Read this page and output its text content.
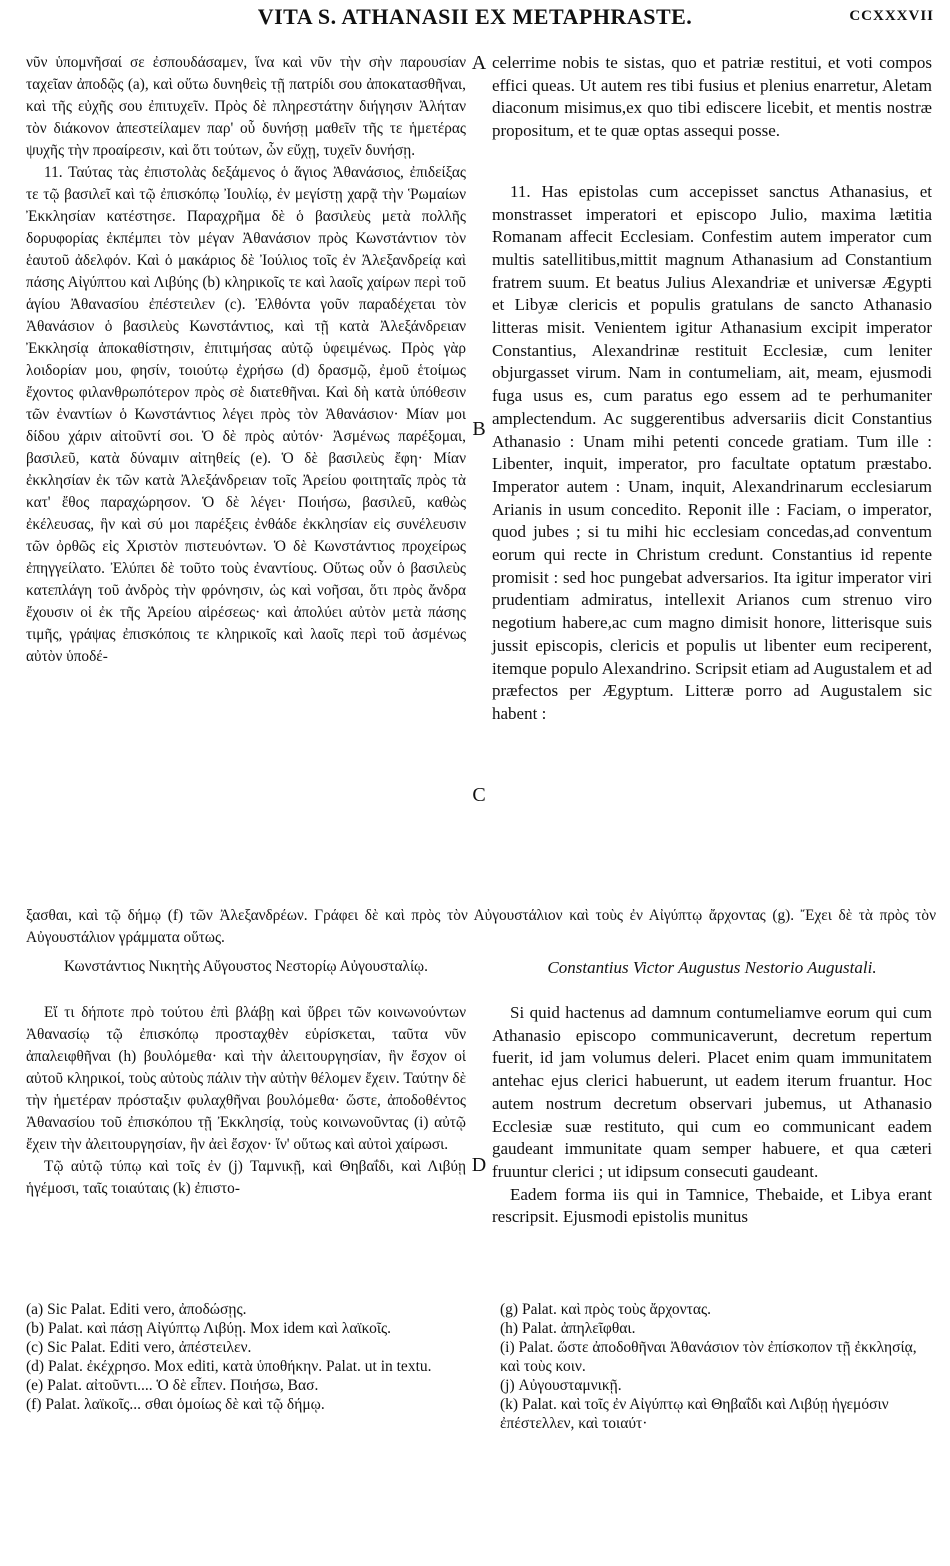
VITA S. ATHANASII EX METAPHRASTE.	CCXXXVII
A
B
C
D

νῦν ὑπομνῆσαί σε ἐσπουδάσαμεν, ἵνα καὶ νῦν τὴν σὴν παρουσίαν ταχεῖαν ἀποδῷς (a), καὶ οὕτω δυνηθεὶς τῇ πατρίδι σου ἀποκατασθῆναι, καὶ τῆς εὐχῆς σου ἐπιτυχεῖν. Πρὸς δὲ πληρεστάτην διήγησιν Ἀλήταν τὸν διάκονον ἀπεστείλαμεν παρ' οὗ δυνήσῃ μαθεῖν τῆς τε ἡμετέρας ψυχῆς τὴν προαίρεσιν, καὶ ὅτι τούτων, ὧν εὔχῃ, τυχεῖν δυνήσῃ.

11. Ταύτας τὰς ἐπιστολὰς δεξάμενος ὁ ἅγιος Ἀθανάσιος, ἐπιδείξας τε τῷ βασιλεῖ καὶ τῷ ἐπισκόπῳ Ἰουλίῳ, ἐν μεγίστῃ χαρᾷ τὴν Ῥωμαίων Ἐκκλησίαν κατέστησε. Παραχρῆμα δὲ ὁ βασιλεὺς μετὰ πολλῆς δορυφορίας ἐκπέμπει τὸν μέγαν Ἀθανάσιον πρὸς Κωνστάντιον τὸν ἑαυτοῦ ἀδελφόν. Καὶ ὁ μακάριος δὲ Ἰούλιος τοῖς ἐν Ἀλεξανδρείᾳ καὶ πάσης Αἰγύπτου καὶ Λιβύης (b) κληρικοῖς τε καὶ λαοῖς χαίρων περὶ τοῦ ἁγίου Ἀθανασίου ἐπέστειλεν (c). Ἐλθόντα γοῦν παραδέχεται τὸν Ἀθανάσιον ὁ βασιλεὺς Κωνστάντιος, καὶ τῇ κατὰ Ἀλεξάνδρειαν Ἐκκλησίᾳ ἀποκαθίστησιν, ἐπιτιμήσας αὐτῷ ὑφειμένως. Πρὸς γὰρ λοιδορίαν μου, φησίν, τοιούτῳ ἐχρήσω (d) δρασμῷ, ἐμοῦ ἑτοίμως ἔχοντος φιλανθρωπότερον πρὸς σὲ διατεθῆναι. Καὶ δὴ κατὰ ὑπόθεσιν τῶν ἐναντίων ὁ Κωνστάντιος λέγει πρὸς τὸν Ἀθανάσιον· Μίαν μοι δίδου χάριν αἰτοῦντί σοι. Ὁ δὲ πρὸς αὐτόν· Ἀσμένως παρέξομαι, βασιλεῦ, κατὰ δύναμιν αἰτηθείς (e). Ὁ δὲ βασιλεὺς ἔφη· Μίαν ἐκκλησίαν ἐκ τῶν κατὰ Ἀλεξάνδρειαν τοῖς Ἀρείου φοιτηταῖς πρὸς τὰ κατ' ἔθος παραχώρησον. Ὁ δὲ λέγει· Ποιήσω, βασιλεῦ, καθὼς ἐκέλευσας, ἣν καὶ σύ μοι παρέξεις ἐνθάδε ἐκκλησίαν εἰς συνέλευσιν τῶν ὀρθῶς εἰς Χριστὸν πιστευόντων. Ὁ δὲ Κωνστάντιος προχείρως ἐπηγγείλατο. Ἐλύπει δὲ τοῦτο τοὺς ἐναντίους. Οὕτως οὖν ὁ βασιλεὺς κατεπλάγη τοῦ ἀνδρὸς τὴν φρόνησιν, ὡς καὶ νοῆσαι, ὅτι πρὸς ἄνδρα ἔχουσιν οἱ ἐκ τῆς Ἀρείου αἱρέσεως· καὶ ἀπολύει αὐτὸν μετὰ πάσης τιμῆς, γράψας ἐπισκόποις τε κληρικοῖς καὶ λαοῖς περὶ τοῦ ἀσμένως αὐτὸν ὑποδέ-

celerrime nobis te sistas, quo et patriæ restitui, et voti compos effici queas. Ut autem res tibi fusius et plenius enarretur, Aletam diaconum misimus,ex quo tibi ediscere licebit, et mentis nostræ propositum, et te quæ optas assequi posse.

11. Has epistolas cum accepisset sanctus Athanasius, et monstrasset imperatori et episcopo Julio, maxima lætitia Romanam affecit Ecclesiam. Confestim autem imperator cum multis satellitibus,mittit magnum Athanasium ad Constantium fratrem suum. Et beatus Julius Alexandriæ et universæ Ægypti et Libyæ clericis et populis gratulans de sancto Athanasio litteras misit. Venientem igitur Athanasium excipit imperator Constantius, Alexandrinæ restituit Ecclesiæ, cum leniter objurgasset virum. Nam in contumeliam, ait, meam, ejusmodi fuga usus es, cum paratus ego essem ad te perhumaniter amplectendum. Ac suggerentibus adversariis dicit Constantius Athanasio : Unam mihi petenti concede gratiam. Tum ille : Libenter, inquit, imperator, pro facultate optatum præstabo. Imperator autem : Unam, inquit, Alexandrinarum ecclesiarum Arianis in usum concedito. Reponit ille : Faciam, o imperator, quod jubes ; si tu mihi hic ecclesiam concedas,ad conventum eorum qui recte in Christum credunt. Constantius id repente promisit : sed hoc pungebat adversarios. Ita igitur imperator viri prudentiam admiratus, intellexit Arianos cum strenuo viro negotium habere,ac cum magno dimisit honore, litterisque suis jussit episcopis, clericis et populis ut libenter eum reciperent, itemque populo Alexandrino. Scripsit etiam ad Augustalem et ad præfectos per Ægyptum. Litteræ porro ad Augustalem sic habent :

ξασθαι, καὶ τῷ δήμῳ (f) τῶν Ἀλεξανδρέων. Γράφει δὲ καὶ πρὸς τὸν Αὐγουστάλιον καὶ τοὺς ἐν Αἰγύπτῳ ἄρχοντας (g). Ἔχει δὲ τὰ πρὸς τὸν Αὐγουστάλιον γράμματα οὕτως.
Κωνστάντιος Νικητὴς Αὔγουστος Νεστορίῳ Αὐγουσταλίῳ.	Constantius Victor Augustus Nestorio Augustali.

Εἴ τι δήποτε πρὸ τούτου ἐπὶ βλάβῃ καὶ ὕβρει τῶν κοινωνούντων Ἀθανασίῳ τῷ ἐπισκόπῳ προσταχθὲν εὑρίσκεται, ταῦτα νῦν ἀπαλειφθῆναι (h) βουλόμεθα· καὶ τὴν ἀλειτουργησίαν, ἣν ἔσχον οἱ αὐτοῦ κληρικοί, τοὺς αὐτοὺς πάλιν τὴν αὐτὴν θέλομεν ἔχειν. Ταύτην δὲ τὴν ἡμετέραν πρόσταξιν φυλαχθῆναι βουλόμεθα· ὥστε, ἀποδοθέντος Ἀθανασίου τοῦ ἐπισκόπου τῇ Ἐκκλησίᾳ, τοὺς κοινωνοῦντας (i) αὐτῷ ἔχειν τὴν ἀλειτουργησίαν, ἣν ἀεὶ ἔσχον· ἵν' οὕτως καὶ αὐτοὶ χαίρωσι.

Τῷ αὐτῷ τύπῳ καὶ τοῖς ἐν (j) Ταμνικῇ, καὶ Θηβαΐδι, καὶ Λιβύῃ ἡγέμοσι, ταῖς τοιαύταις (k) ἐπιστο-

Si quid hactenus ad damnum contumeliamve eorum qui cum Athanasio episcopo communicaverunt, decretum repertum fuerit, id jam volumus deleri. Placet enim quam immunitatem antehac ejus clerici habuerunt, ut eadem iterum fruantur. Hoc autem nostrum decretum observari jubemus, ut Athanasio Ecclesiæ suæ restituto, qui cum eo communicant eadem gaudeant immunitate quam semper habuere, et qua cæteri fruuntur clerici ; ut idipsum consecuti gaudeant.

Eadem forma iis qui in Tamnice, Thebaide, et Libya erant rescripsit. Ejusmodi epistolis munitus

(a) Sic Palat. Editi vero, ἀποδώσῃς.
(b) Palat. καὶ πάσῃ Αἰγύπτῳ Λιβύῃ. Mox idem καὶ λαϊκοῖς.
(c) Sic Palat. Editi vero, ἀπέστειλεν.
(d) Palat. ἐκέχρησο. Mox editi, κατὰ ὑποθήκην. Palat. ut in textu.
(e) Palat. αἰτοῦντι.... Ὁ δὲ εἶπεν. Ποιήσω, Βασ.
(f) Palat. λαϊκοῖς... σθαι ὁμοίως δὲ καὶ τῷ δήμῳ.
(g) Palat. καὶ πρὸς τοὺς ἄρχοντας.
(h) Palat. ἀπηλεῖφθαι.
(i) Palat. ὥστε ἀποδοθῆναι Ἀθανάσιον τὸν ἐπίσκοπον τῇ ἐκκλησίᾳ, καὶ τοὺς κοιν.
(j) Αὐγουσταμνικῇ.
(k) Palat. καὶ τοῖς ἐν Αἰγύπτῳ καὶ Θηβαΐδι καὶ Λιβύῃ ἡγεμόσιν ἐπέστελλεν, καὶ τοιαύτ·
